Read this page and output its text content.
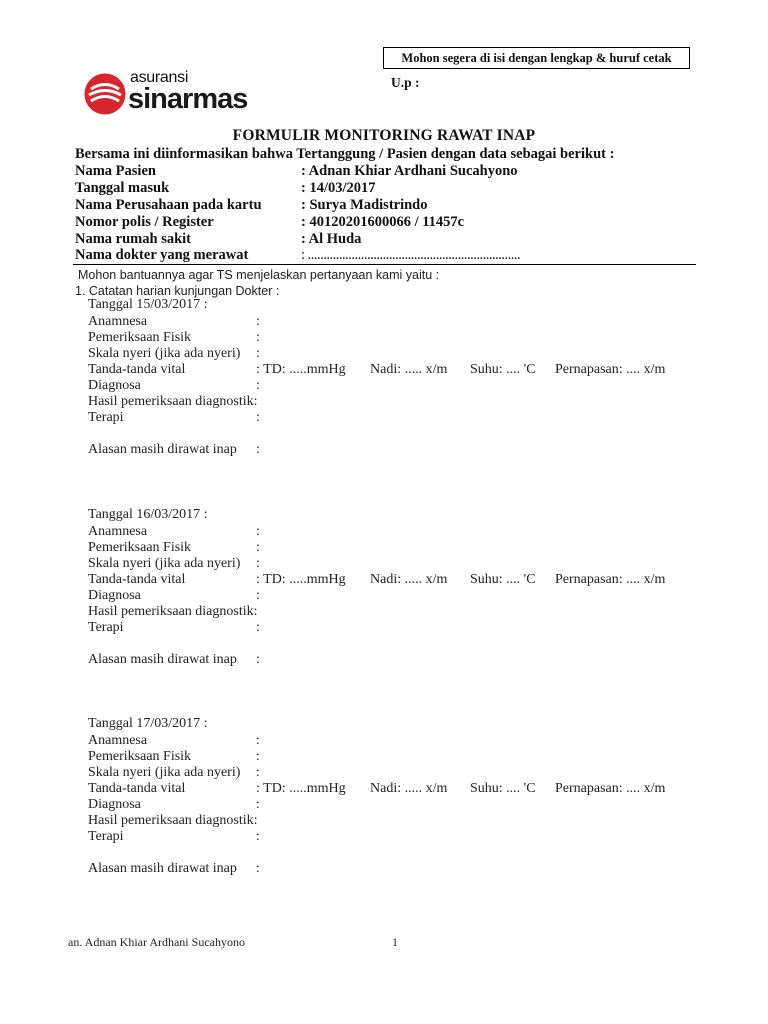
Mohon segera di isi dengan lengkap & huruf cetak
U.p :
asuransi
sinarmas
FORMULIR MONITORING RAWAT INAP
Bersama ini diinformasikan bahwa Tertanggung / Pasien dengan data sebagai berikut :
Nama Pasien	: Adnan Khiar Ardhani Sucahyono
Tanggal masuk	: 14/03/2017
Nama Perusahaan pada kartu	: Surya Madistrindo
Nomor polis / Register	: 40120201600066 / 11457c
Nama rumah sakit	: Al Huda
Nama dokter yang merawat	: ....................................................................
Mohon bantuannya agar TS menjelaskan pertanyaan kami yaitu :
1. Catatan harian kunjungan Dokter :
Tanggal 15/03/2017 :
Anamnesa	:
Pemeriksaan Fisik	:
Skala nyeri (jika ada nyeri) :
Tanda-tanda vital	: TD: .....mmHg Nadi: ..... x/m Suhu: .... 'C Pernapasan: .... x/m
Diagnosa	:
Hasil pemeriksaan diagnostik:
Terapi	:
Alasan masih dirawat inap :
Tanggal 16/03/2017 :
Anamnesa	:
Pemeriksaan Fisik	:
Skala nyeri (jika ada nyeri) :
Tanda-tanda vital	: TD: .....mmHg Nadi: ..... x/m Suhu: .... 'C Pernapasan: .... x/m
Diagnosa	:
Hasil pemeriksaan diagnostik:
Terapi	:
Alasan masih dirawat inap :
Tanggal 17/03/2017 :
Anamnesa	:
Pemeriksaan Fisik	:
Skala nyeri (jika ada nyeri) :
Tanda-tanda vital	: TD: .....mmHg Nadi: ..... x/m Suhu: .... 'C Pernapasan: .... x/m
Diagnosa	:
Hasil pemeriksaan diagnostik:
Terapi	:
Alasan masih dirawat inap :
an. Adnan Khiar Ardhani Sucahyono	1
